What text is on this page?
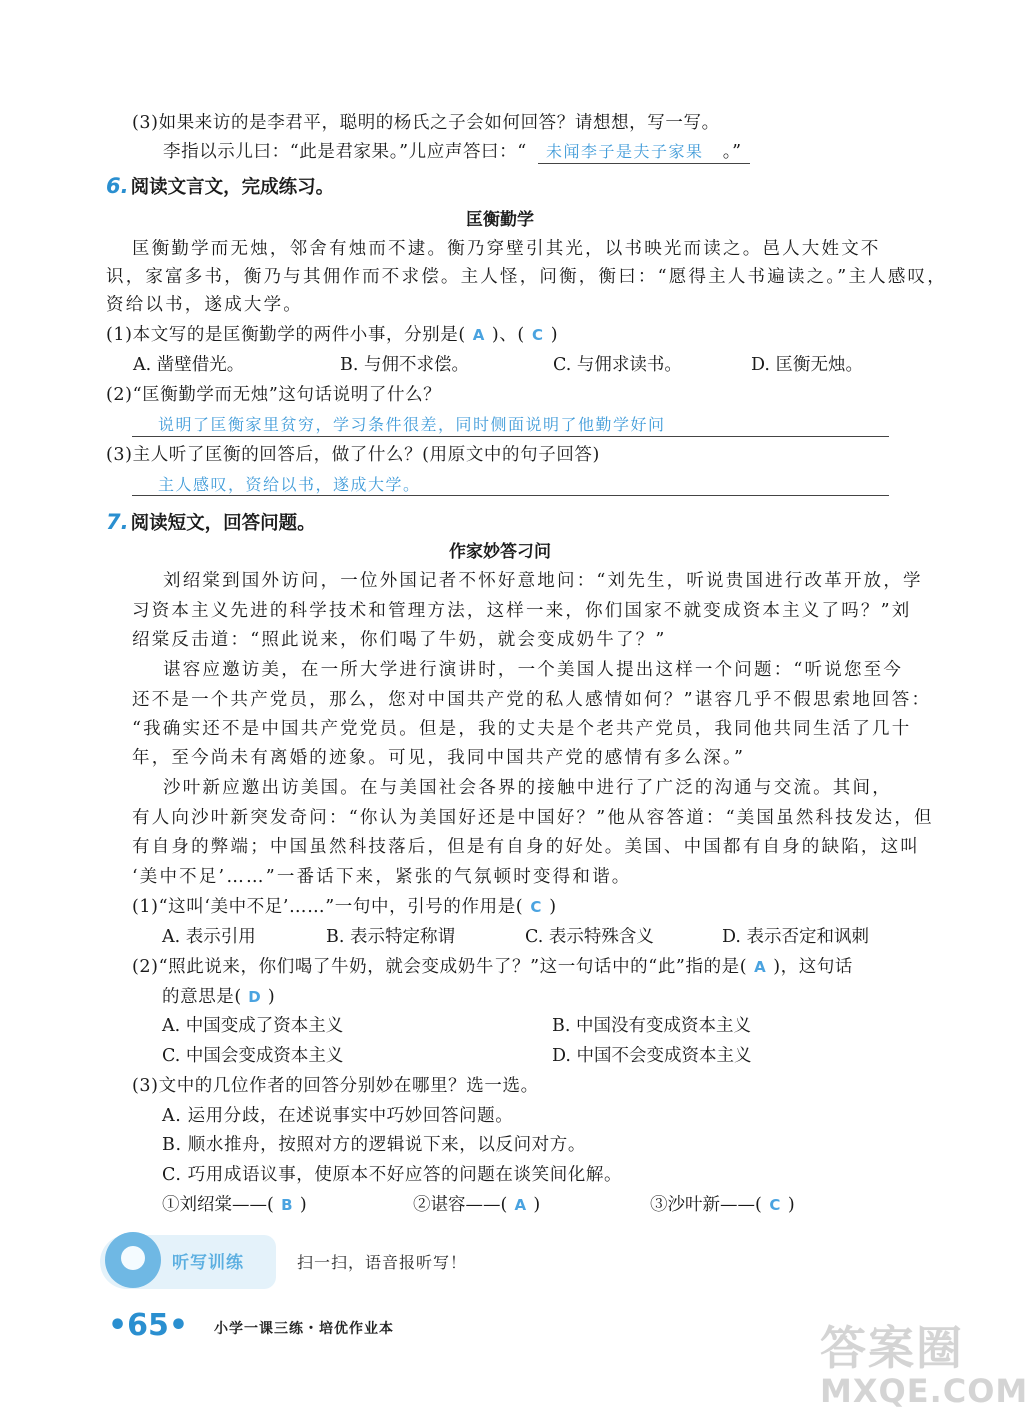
(3)如果来访的是李君平，聪明的杨氏之子会如何回答？请想想，写一写。
李指以示儿曰：“此是君家果。”儿应声答曰：“ 未闻李子是夫子家果 。”
6. 阅读文言文，完成练习。
匡衡勤学
匡衡勤学而无烛，邻舍有烛而不逮。衡乃穿壁引其光，以书映光而读之。邑人大姓文不
识，家富多书，衡乃与其佣作而不求偿。主人怪，问衡，衡曰：“愿得主人书遍读之。”主人感叹，
资给以书，遂成大学。
(1)本文写的是匡衡勤学的两件小事，分别是( A )、( C )
A. 凿壁借光。	B. 与佣不求偿。	C. 与佣求读书。	D. 匡衡无烛。
(2)“匡衡勤学而无烛”这句话说明了什么？
说明了匡衡家里贫穷，学习条件很差，同时侧面说明了他勤学好问
(3)主人听了匡衡的回答后，做了什么？(用原文中的句子回答)
主人感叹，资给以书，遂成大学。
7. 阅读短文，回答问题。
作家妙答刁问
刘绍棠到国外访问，一位外国记者不怀好意地问：“刘先生，听说贵国进行改革开放，学
习资本主义先进的科学技术和管理方法，这样一来，你们国家不就变成资本主义了吗？”刘
绍棠反击道：“照此说来，你们喝了牛奶，就会变成奶牛了？”
谌容应邀访美，在一所大学进行演讲时，一个美国人提出这样一个问题：“听说您至今
还不是一个共产党员，那么，您对中国共产党的私人感情如何？”谌容几乎不假思索地回答：
“我确实还不是中国共产党党员。但是，我的丈夫是个老共产党员，我同他共同生活了几十
年，至今尚未有离婚的迹象。可见，我同中国共产党的感情有多么深。”
沙叶新应邀出访美国。在与美国社会各界的接触中进行了广泛的沟通与交流。其间，
有人向沙叶新突发奇问：“你认为美国好还是中国好？”他从容答道：“美国虽然科技发达，但
有自身的弊端；中国虽然科技落后，但是有自身的好处。美国、中国都有自身的缺陷，这叫
‘美中不足’……”一番话下来，紧张的气氛顿时变得和谐。
(1)“这叫‘美中不足’……”一句中，引号的作用是( C )
A. 表示引用	B. 表示特定称谓	C. 表示特殊含义	D. 表示否定和讽刺
(2)“照此说来，你们喝了牛奶，就会变成奶牛了？”这一句话中的“此”指的是( A )，这句话
的意思是( D )
A. 中国变成了资本主义	B. 中国没有变成资本主义
C. 中国会变成资本主义	D. 中国不会变成资本主义
(3)文中的几位作者的回答分别妙在哪里？选一选。
A. 运用分歧，在述说事实中巧妙回答问题。
B. 顺水推舟，按照对方的逻辑说下来，以反问对方。
C. 巧用成语议事，使原本不好应答的问题在谈笑间化解。
①刘绍棠——( B )	②谌容——( A )	③沙叶新——( C )
听写训练	扫一扫，语音报听写！
•65• 小学一课三练・培优作业本	答案圈
MXQE.COM
